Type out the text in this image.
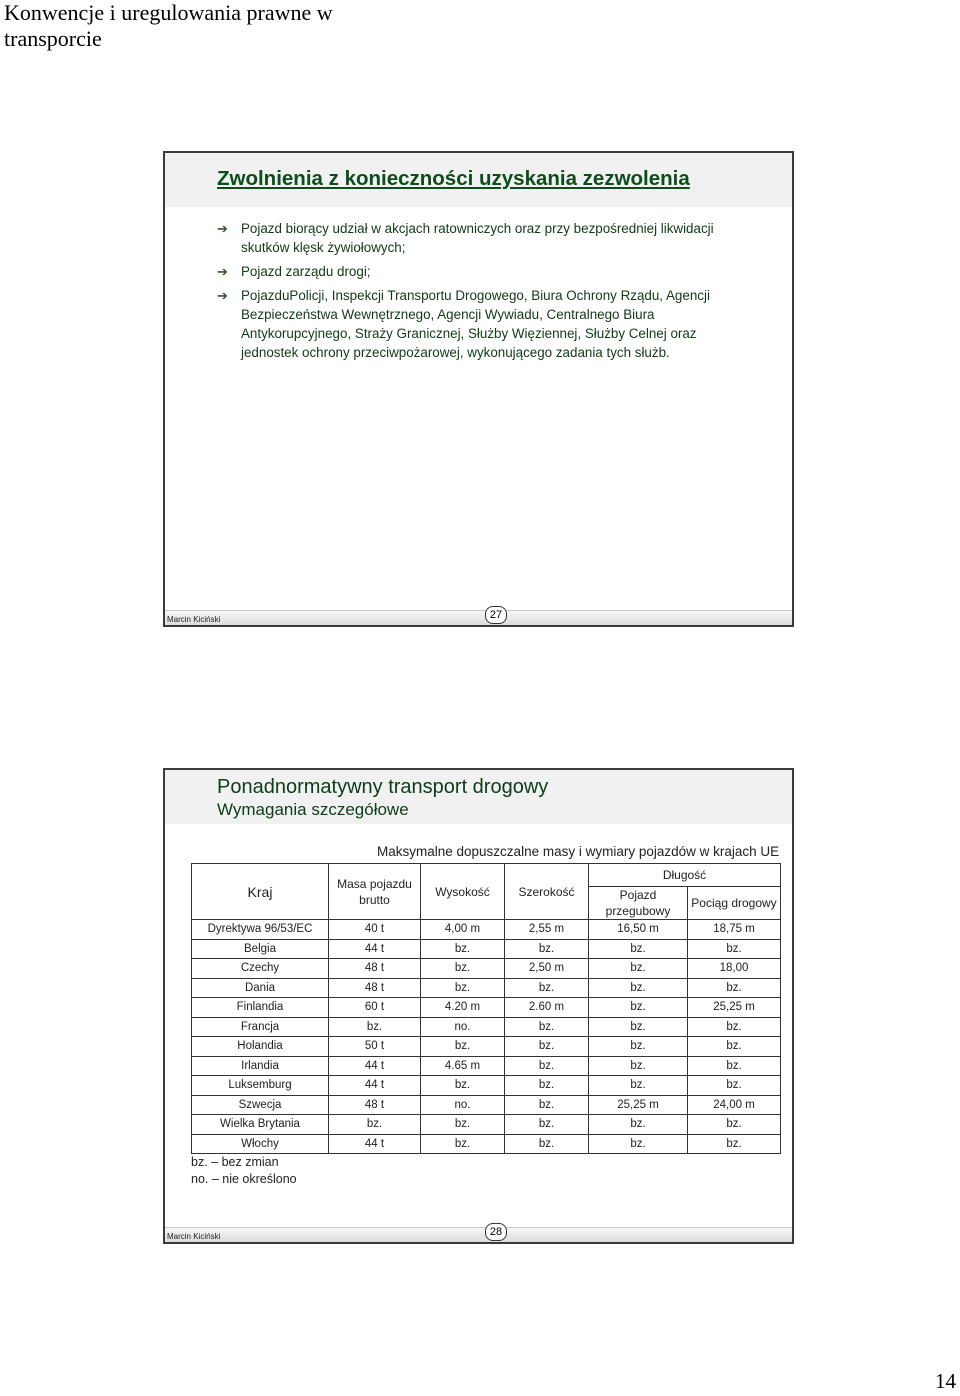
Konwencje i uregulowania prawne w transporcie
Zwolnienia z konieczności uzyskania zezwolenia
➔ Pojazd biorący udział w akcjach ratowniczych oraz przy bezpośredniej likwidacji skutków klęsk żywiołowych;
➔ Pojazd zarządu drogi;
➔ PojazduPolicji, Inspekcji Transportu Drogowego, Biura Ochrony Rządu, Agencji Bezpieczeństwa Wewnętrznego, Agencji Wywiadu, Centralnego Biura Antykorupcyjnego, Straży Granicznej, Służby Więziennej, Służby Celnej oraz jednostek ochrony przeciwpożarowej, wykonującego zadania tych służb.
Marcin Kiciński	27
Ponadnormatywny transport drogowy
Wymagania szczegółowe
Maksymalne dopuszczalne masy i wymiary pojazdów w krajach UE
Kraj	Masa pojazdu brutto	Wysokość	Szerokość	Długość	
				Pojazd przegubowy	Pociąg drogowy
Dyrektywa 96/53/EC	40 t	4,00 m	2,55 m	16,50 m	18,75 m
Belgia	44 t	bz.	bz.	bz.	bz.
Czechy	48 t	bz.	2,50 m	bz.	18,00
Dania	48 t	bz.	bz.	bz.	bz.
Finlandia	60 t	4.20 m	2.60 m	bz.	25,25 m
Francja	bz.	no.	bz.	bz.	bz.
Holandia	50 t	bz.	bz.	bz.	bz.
Irlandia	44 t	4.65 m	bz.	bz.	bz.
Luksemburg	44 t	bz.	bz.	bz.	bz.
Szwecja	48 t	no.	bz.	25,25 m	24,00 m
Wielka Brytania	bz.	bz.	bz.	bz.	bz.
Włochy	44 t	bz.	bz.	bz.	bz.
bz. – bez zmian
no. – nie określono
Marcin Kiciński	28
14
